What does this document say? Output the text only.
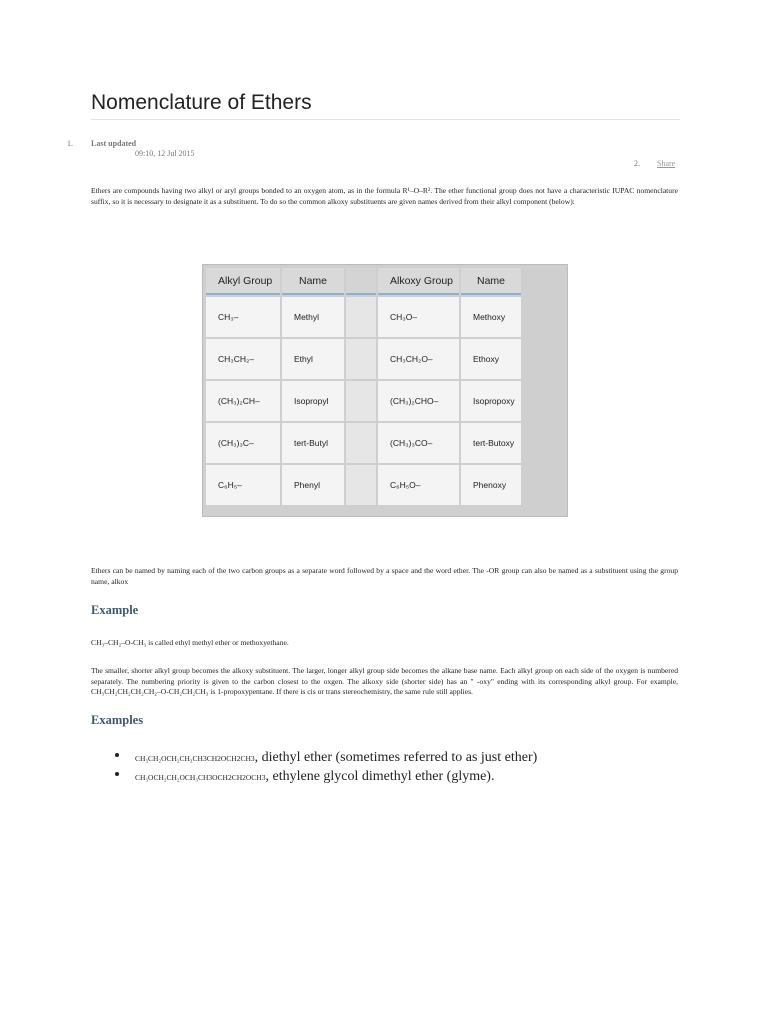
Nomenclature of Ethers
1. Last updated
09:10, 12 Jul 2015
2. Share

Ethers are compounds having two alkyl or aryl groups bonded to an oxygen atom, as in the formula R¹–O–R². The ether functional group does not have a characteristic IUPAC nomenclature suffix, so it is necessary to designate it as a substituent. To do so the common alkoxy substituents are given names derived from their alkyl component (below):

Alkyl Group	Name		Alkoxy Group	Name
CH₃–	Methyl		CH₃O–	Methoxy
CH₃CH₂–	Ethyl		CH₃CH₂O–	Ethoxy
(CH₃)₂CH–	Isopropyl		(CH₃)₂CHO–	Isopropoxy
(CH₃)₃C–	tert-Butyl		(CH₃)₃CO–	tert-Butoxy
C₆H₅–	Phenyl		C₆H₅O–	Phenoxy

Ethers can be named by naming each of the two carbon groups as a separate word followed by a space and the word ether. The -OR group can also be named as a substituent using the group name, alkox

Example

CH₃–CH₂–O-CH₃ is called ethyl methyl ether or methoxyethane.

The smaller, shorter alkyl group becomes the alkoxy substituent. The larger, longer alkyl group side becomes the alkane base name. Each alkyl group on each side of the oxygen is numbered separately. The numbering priority is given to the carbon closest to the oxgen. The alkoxy side (shorter side) has an " -oxy" ending with its corresponding alkyl group. For example, CH₃CH₂CH₂CH₂CH₂–O-CH₂CH₂CH₃ is 1-propoxypentane. If there is cis or trans stereochemistry, the same rule still applies.

Examples
CH₃CH₂OCH₂CH₃CH3CH2OCH2CH3, diethyl ether (sometimes referred to as just ether)
CH₃OCH₂CH₂OCH₃CH3OCH2CH2OCH3, ethylene glycol dimethyl ether (glyme).
